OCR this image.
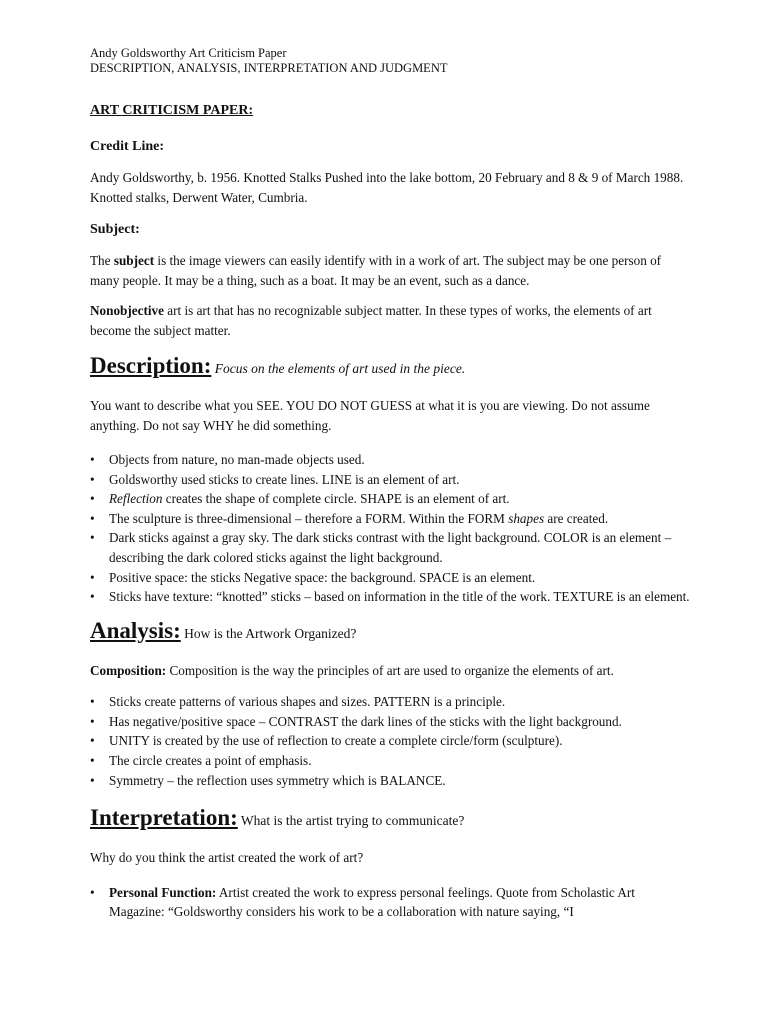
Andy Goldsworthy Art Criticism Paper

DESCRIPTION, ANALYSIS, INTERPRETATION AND JUDGMENT

ART CRITICISM PAPER:

Credit Line:

Andy Goldsworthy, b. 1956. Knotted Stalks Pushed into the lake bottom, 20 February and 8 & 9 of March 1988. Knotted stalks, Derwent Water, Cumbria.

Subject:

The subject is the image viewers can easily identify with in a work of art. The subject may be one person of many people. It may be a thing, such as a boat. It may be an event, such as a dance.

Nonobjective art is art that has no recognizable subject matter. In these types of works, the elements of art become the subject matter.

Description: Focus on the elements of art used in the piece.

You want to describe what you SEE. YOU DO NOT GUESS at what it is you are viewing. Do not assume anything. Do not say WHY he did something.

• Objects from nature, no man-made objects used.
• Goldsworthy used sticks to create lines. LINE is an element of art.
• Reflection creates the shape of complete circle. SHAPE is an element of art.
• The sculpture is three-dimensional – therefore a FORM. Within the FORM shapes are created.
• Dark sticks against a gray sky. The dark sticks contrast with the light background. COLOR is an element – describing the dark colored sticks against the light background.
• Positive space: the sticks Negative space: the background. SPACE is an element.
• Sticks have texture: “knotted” sticks – based on information in the title of the work. TEXTURE is an element.

Analysis: How is the Artwork Organized?

Composition: Composition is the way the principles of art are used to organize the elements of art.

• Sticks create patterns of various shapes and sizes. PATTERN is a principle.
• Has negative/positive space – CONTRAST the dark lines of the sticks with the light background.
• UNITY is created by the use of reflection to create a complete circle/form (sculpture).
• The circle creates a point of emphasis.
• Symmetry – the reflection uses symmetry which is BALANCE.

Interpretation: What is the artist trying to communicate?

Why do you think the artist created the work of art?

• Personal Function: Artist created the work to express personal feelings. Quote from Scholastic Art Magazine: “Goldsworthy considers his work to be a collaboration with nature saying, “I
